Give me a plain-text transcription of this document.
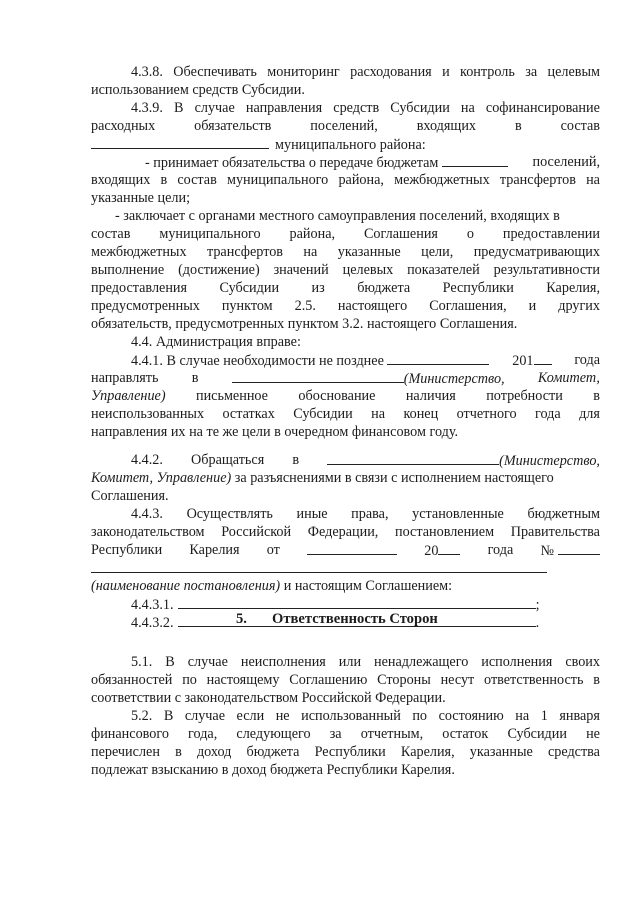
4.3.8. Обеспечивать мониторинг расходования и контроль за целевым
использованием средств Субсидии.
4.3.9. В случае направления средств Субсидии на софинансирование
расходных	обязательств	поселений,	входящих	в	состав
муниципального района:
- принимает обязательства о передаче бюджетам	поселений,
входящих в состав муниципального района, межбюджетных трансфертов на
указанные цели;
- заключает с органами местного самоуправления поселений, входящих в
состав муниципального района, Соглашения о предоставлении
межбюджетных трансфертов на указанные цели, предусматривающих
выполнение (достижение) значений целевых показателей результативности
предоставления Субсидии из бюджета Республики Карелия,
предусмотренных пунктом 2.5. настоящего Соглашения, и других
обязательств, предусмотренных пунктом 3.2. настоящего Соглашения.
4.4. Администрация вправе:
4.4.1. В случае необходимости не позднее	201	года
направлять в	(Министерство, Комитет,
Управление) письменное обоснование наличия потребности в
неиспользованных остатках Субсидии на конец отчетного года для
направления их на те же цели в очередном финансовом году.
4.4.2. Обращаться в	(Министерство,
Комитет, Управление) за разъяснениями в связи с исполнением настоящего
Соглашения.
4.4.3. Осуществлять иные права, установленные бюджетным
законодательством Российской Федерации, постановлением Правительства
Республики Карелия от	20	года №
(наименование постановления) и настоящим Соглашением:
4.4.3.1.	;
4.4.3.2.	.
5. Ответственность Сторон
5.1. В случае неисполнения или ненадлежащего исполнения своих
обязанностей по настоящему Соглашению Стороны несут ответственность в
соответствии с законодательством Российской Федерации.
5.2. В случае если не использованный по состоянию на 1 января
финансового года, следующего за отчетным, остаток Субсидии не
перечислен в доход бюджета Республики Карелия, указанные средства
подлежат взысканию в доход бюджета Республики Карелия.
